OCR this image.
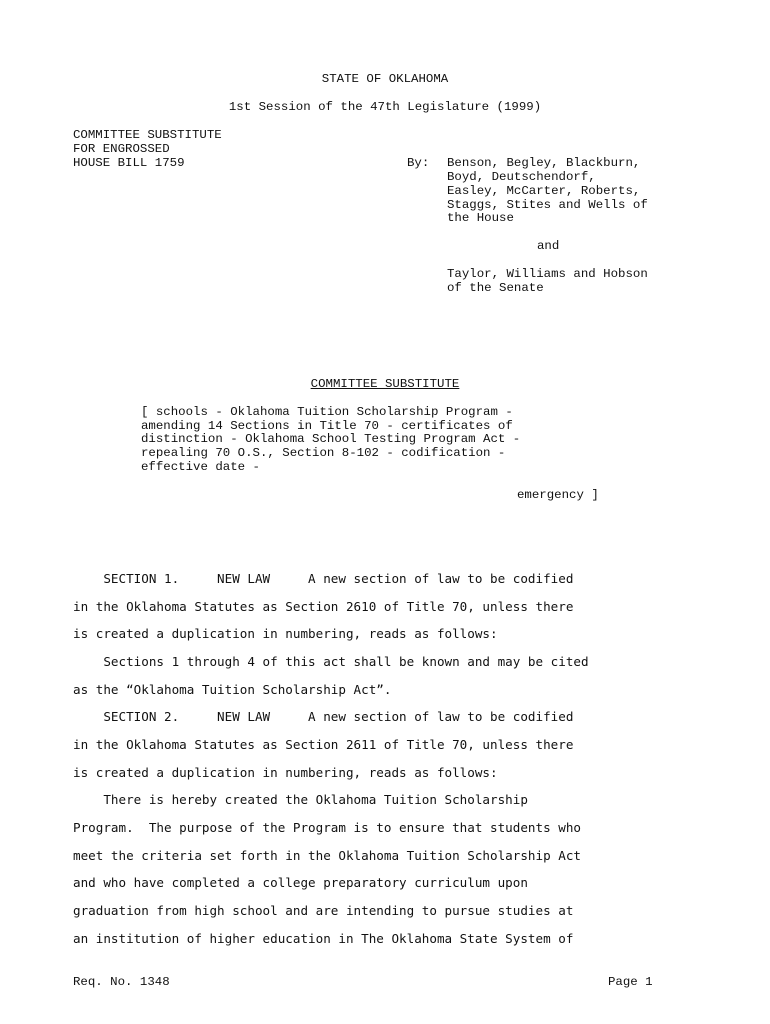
STATE OF OKLAHOMA
1st Session of the 47th Legislature (1999)
COMMITTEE SUBSTITUTE
FOR ENGROSSED
HOUSE BILL 1759	By: Benson, Begley, Blackburn,
Boyd, Deutschendorf,
Easley, McCarter, Roberts,
Staggs, Stites and Wells of
the House
and
Taylor, Williams and Hobson
of the Senate
COMMITTEE SUBSTITUTE
[ schools - Oklahoma Tuition Scholarship Program -
amending 14 Sections in Title 70 - certificates of
distinction - Oklahoma School Testing Program Act -
repealing 70 O.S., Section 8-102 - codification -
effective date -
emergency ]
SECTION 1.     NEW LAW     A new section of law to be codified
in the Oklahoma Statutes as Section 2610 of Title 70, unless there
is created a duplication in numbering, reads as follows:
Sections 1 through 4 of this act shall be known and may be cited
as the “Oklahoma Tuition Scholarship Act”.
SECTION 2.     NEW LAW     A new section of law to be codified
in the Oklahoma Statutes as Section 2611 of Title 70, unless there
is created a duplication in numbering, reads as follows:
There is hereby created the Oklahoma Tuition Scholarship
Program.  The purpose of the Program is to ensure that students who
meet the criteria set forth in the Oklahoma Tuition Scholarship Act
and who have completed a college preparatory curriculum upon
graduation from high school and are intending to pursue studies at
an institution of higher education in The Oklahoma State System of
Req. No. 1348	Page 1
